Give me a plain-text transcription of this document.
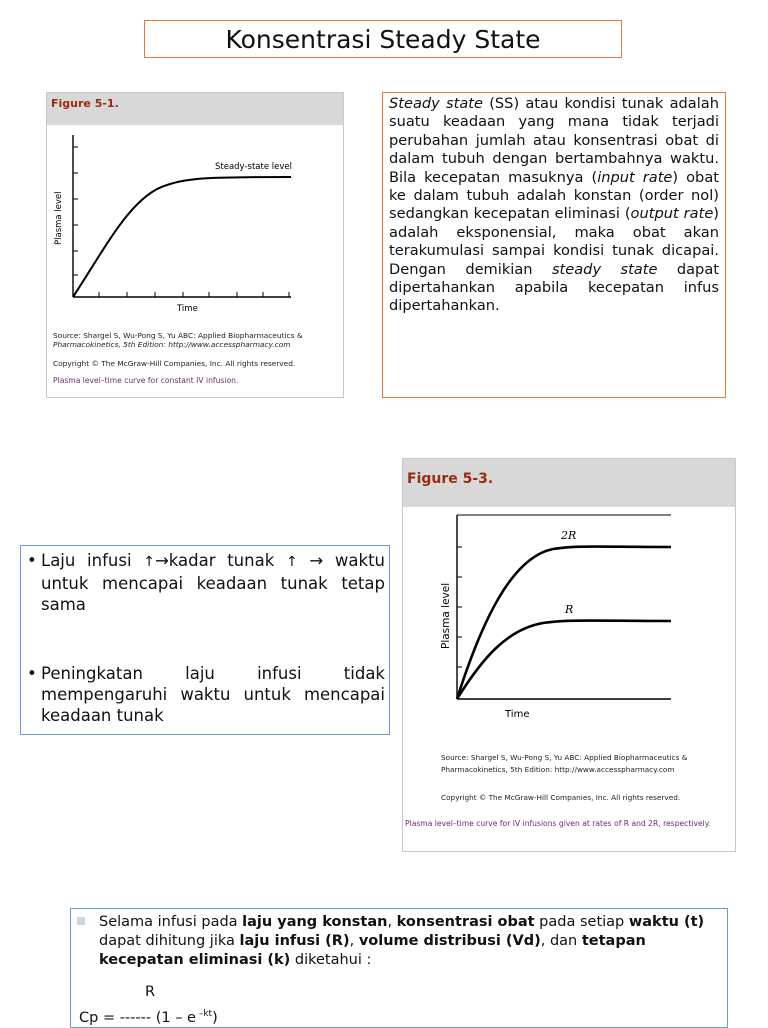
Konsentrasi Steady State
Figure 5-1.
Steady-state level
Plasma level
Time
Source: Shargel S, Wu-Pong S, Yu ABC: Applied Biopharmaceutics &
Pharmacokinetics, 5th Edition: http://www.accesspharmacy.com
Copyright © The McGraw-Hill Companies, Inc. All rights reserved.
Plasma level–time curve for constant IV infusion.
Steady state (SS) atau kondisi tunak adalah suatu keadaan yang mana tidak terjadi perubahan jumlah atau konsentrasi obat di dalam tubuh dengan bertambahnya waktu. Bila kecepatan masuknya (input rate) obat ke dalam tubuh adalah konstan (order nol) sedangkan kecepatan eliminasi (output rate) adalah eksponensial, maka obat akan terakumulasi sampai kondisi tunak dicapai. Dengan demikian steady state dapat dipertahankan apabila kecepatan infus dipertahankan.
• Laju infusi ↑→kadar tunak ↑ → waktu untuk mencapai keadaan tunak tetap sama
• Peningkatan laju infusi tidak mempengaruhi waktu untuk mencapai keadaan tunak
Figure 5-3.
2R
R
Plasma level
Time
Source: Shargel S, Wu-Pong S, Yu ABC: Applied Biopharmaceutics &
Pharmacokinetics, 5th Edition: http://www.accesspharmacy.com
Copyright © The McGraw-Hill Companies, Inc. All rights reserved.
Plasma level–time curve for IV infusions given at rates of R and 2R, respectively.
Selama infusi pada laju yang konstan, konsentrasi obat pada setiap waktu (t) dapat dihitung jika laju infusi (R), volume distribusi (Vd), dan tetapan kecepatan eliminasi (k) diketahui :
R
Cp = ------ (1 – e $^{-kt}$)
